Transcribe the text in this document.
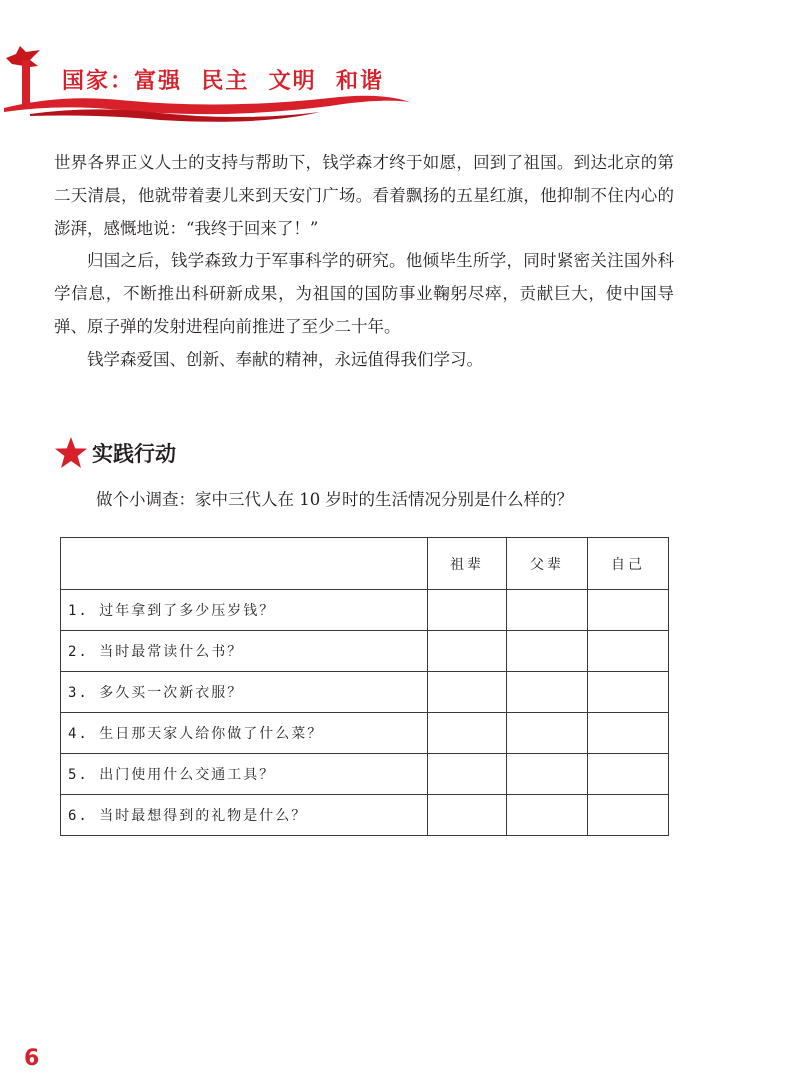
国家：富强  民主  文明  和谐

世界各界正义人士的支持与帮助下，钱学森才终于如愿，回到了祖国。到达北京的第二天清晨，他就带着妻儿来到天安门广场。看着飘扬的五星红旗，他抑制不住内心的澎湃，感慨地说：“我终于回来了！”

归国之后，钱学森致力于军事科学的研究。他倾毕生所学，同时紧密关注国外科学信息，不断推出科研新成果，为祖国的国防事业鞠躬尽瘁，贡献巨大，使中国导弹、原子弹的发射进程向前推进了至少二十年。

钱学森爱国、创新、奉献的精神，永远值得我们学习。

实践行动
做个小调查：家中三代人在 10 岁时的生活情况分别是什么样的？
	祖辈	父辈	自己
1. 过年拿到了多少压岁钱？			
2. 当时最常读什么书？			
3. 多久买一次新衣服？			
4. 生日那天家人给你做了什么菜？			
5. 出门使用什么交通工具？			
6. 当时最想得到的礼物是什么？			
6
